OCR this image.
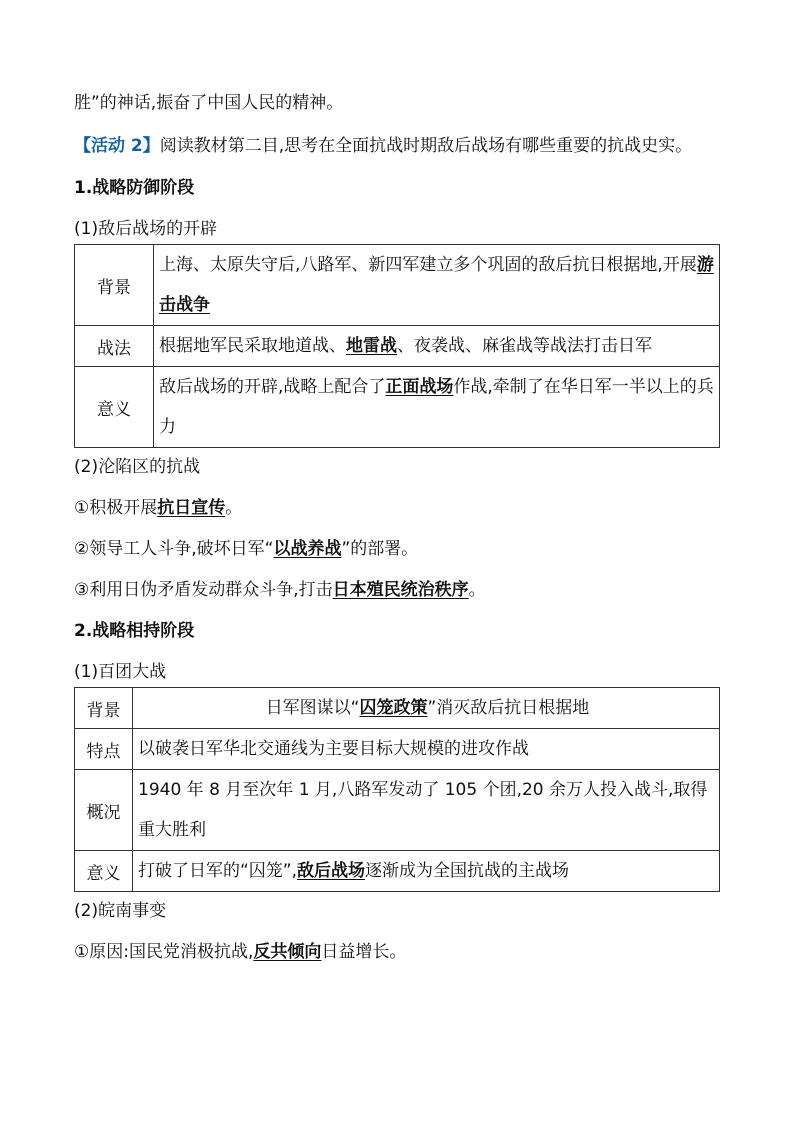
胜”的神话,振奋了中国人民的精神。

【活动 2】阅读教材第二目,思考在全面抗战时期敌后战场有哪些重要的抗战史实。

1.战略防御阶段

(1)敌后战场的开辟

背景	上海、太原失守后,八路军、新四军建立多个巩固的敌后抗日根据地,开展游击战争
战法	根据地军民采取地道战、地雷战、夜袭战、麻雀战等战法打击日军
意义	敌后战场的开辟,战略上配合了正面战场作战,牵制了在华日军一半以上的兵力

(2)沦陷区的抗战

①积极开展抗日宣传。

②领导工人斗争,破坏日军“以战养战”的部署。

③利用日伪矛盾发动群众斗争,打击日本殖民统治秩序。

2.战略相持阶段

(1)百团大战

背景	日军图谋以“囚笼政策”消灭敌后抗日根据地
特点	以破袭日军华北交通线为主要目标大规模的进攻作战
概况	1940 年 8 月至次年 1 月,八路军发动了 105 个团,20 余万人投入战斗,取得重大胜利
意义	打破了日军的“囚笼”,敌后战场逐渐成为全国抗战的主战场

(2)皖南事变

①原因:国民党消极抗战,反共倾向日益增长。
